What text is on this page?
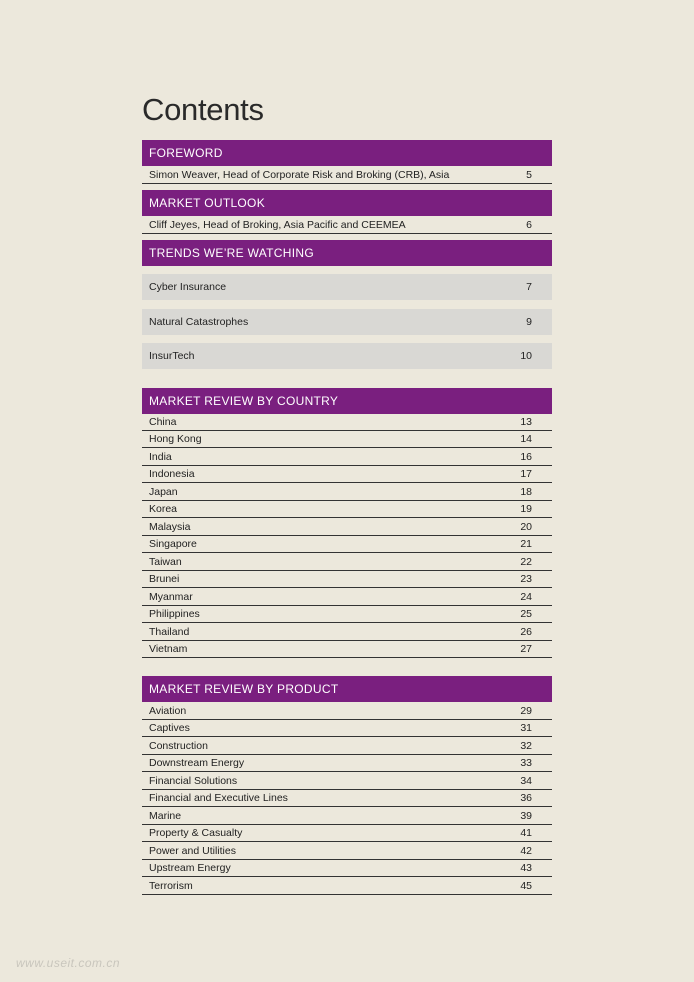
Contents
FOREWORD
Simon Weaver, Head of Corporate Risk and Broking (CRB), Asia	5
MARKET OUTLOOK
Cliff Jeyes, Head of Broking, Asia Pacific and CEEMEA	6
TRENDS WE’RE WATCHING
Cyber Insurance	7
Natural Catastrophes	9
InsurTech	10
MARKET REVIEW BY COUNTRY
China	13
Hong Kong	14
India	16
Indonesia	17
Japan	18
Korea	19
Malaysia	20
Singapore	21
Taiwan	22
Brunei	23
Myanmar	24
Philippines	25
Thailand	26
Vietnam	27
MARKET REVIEW BY PRODUCT
Aviation	29
Captives	31
Construction	32
Downstream Energy	33
Financial Solutions	34
Financial and Executive Lines	36
Marine	39
Property & Casualty	41
Power and Utilities	42
Upstream Energy	43
Terrorism	45
www.useit.com.cn
